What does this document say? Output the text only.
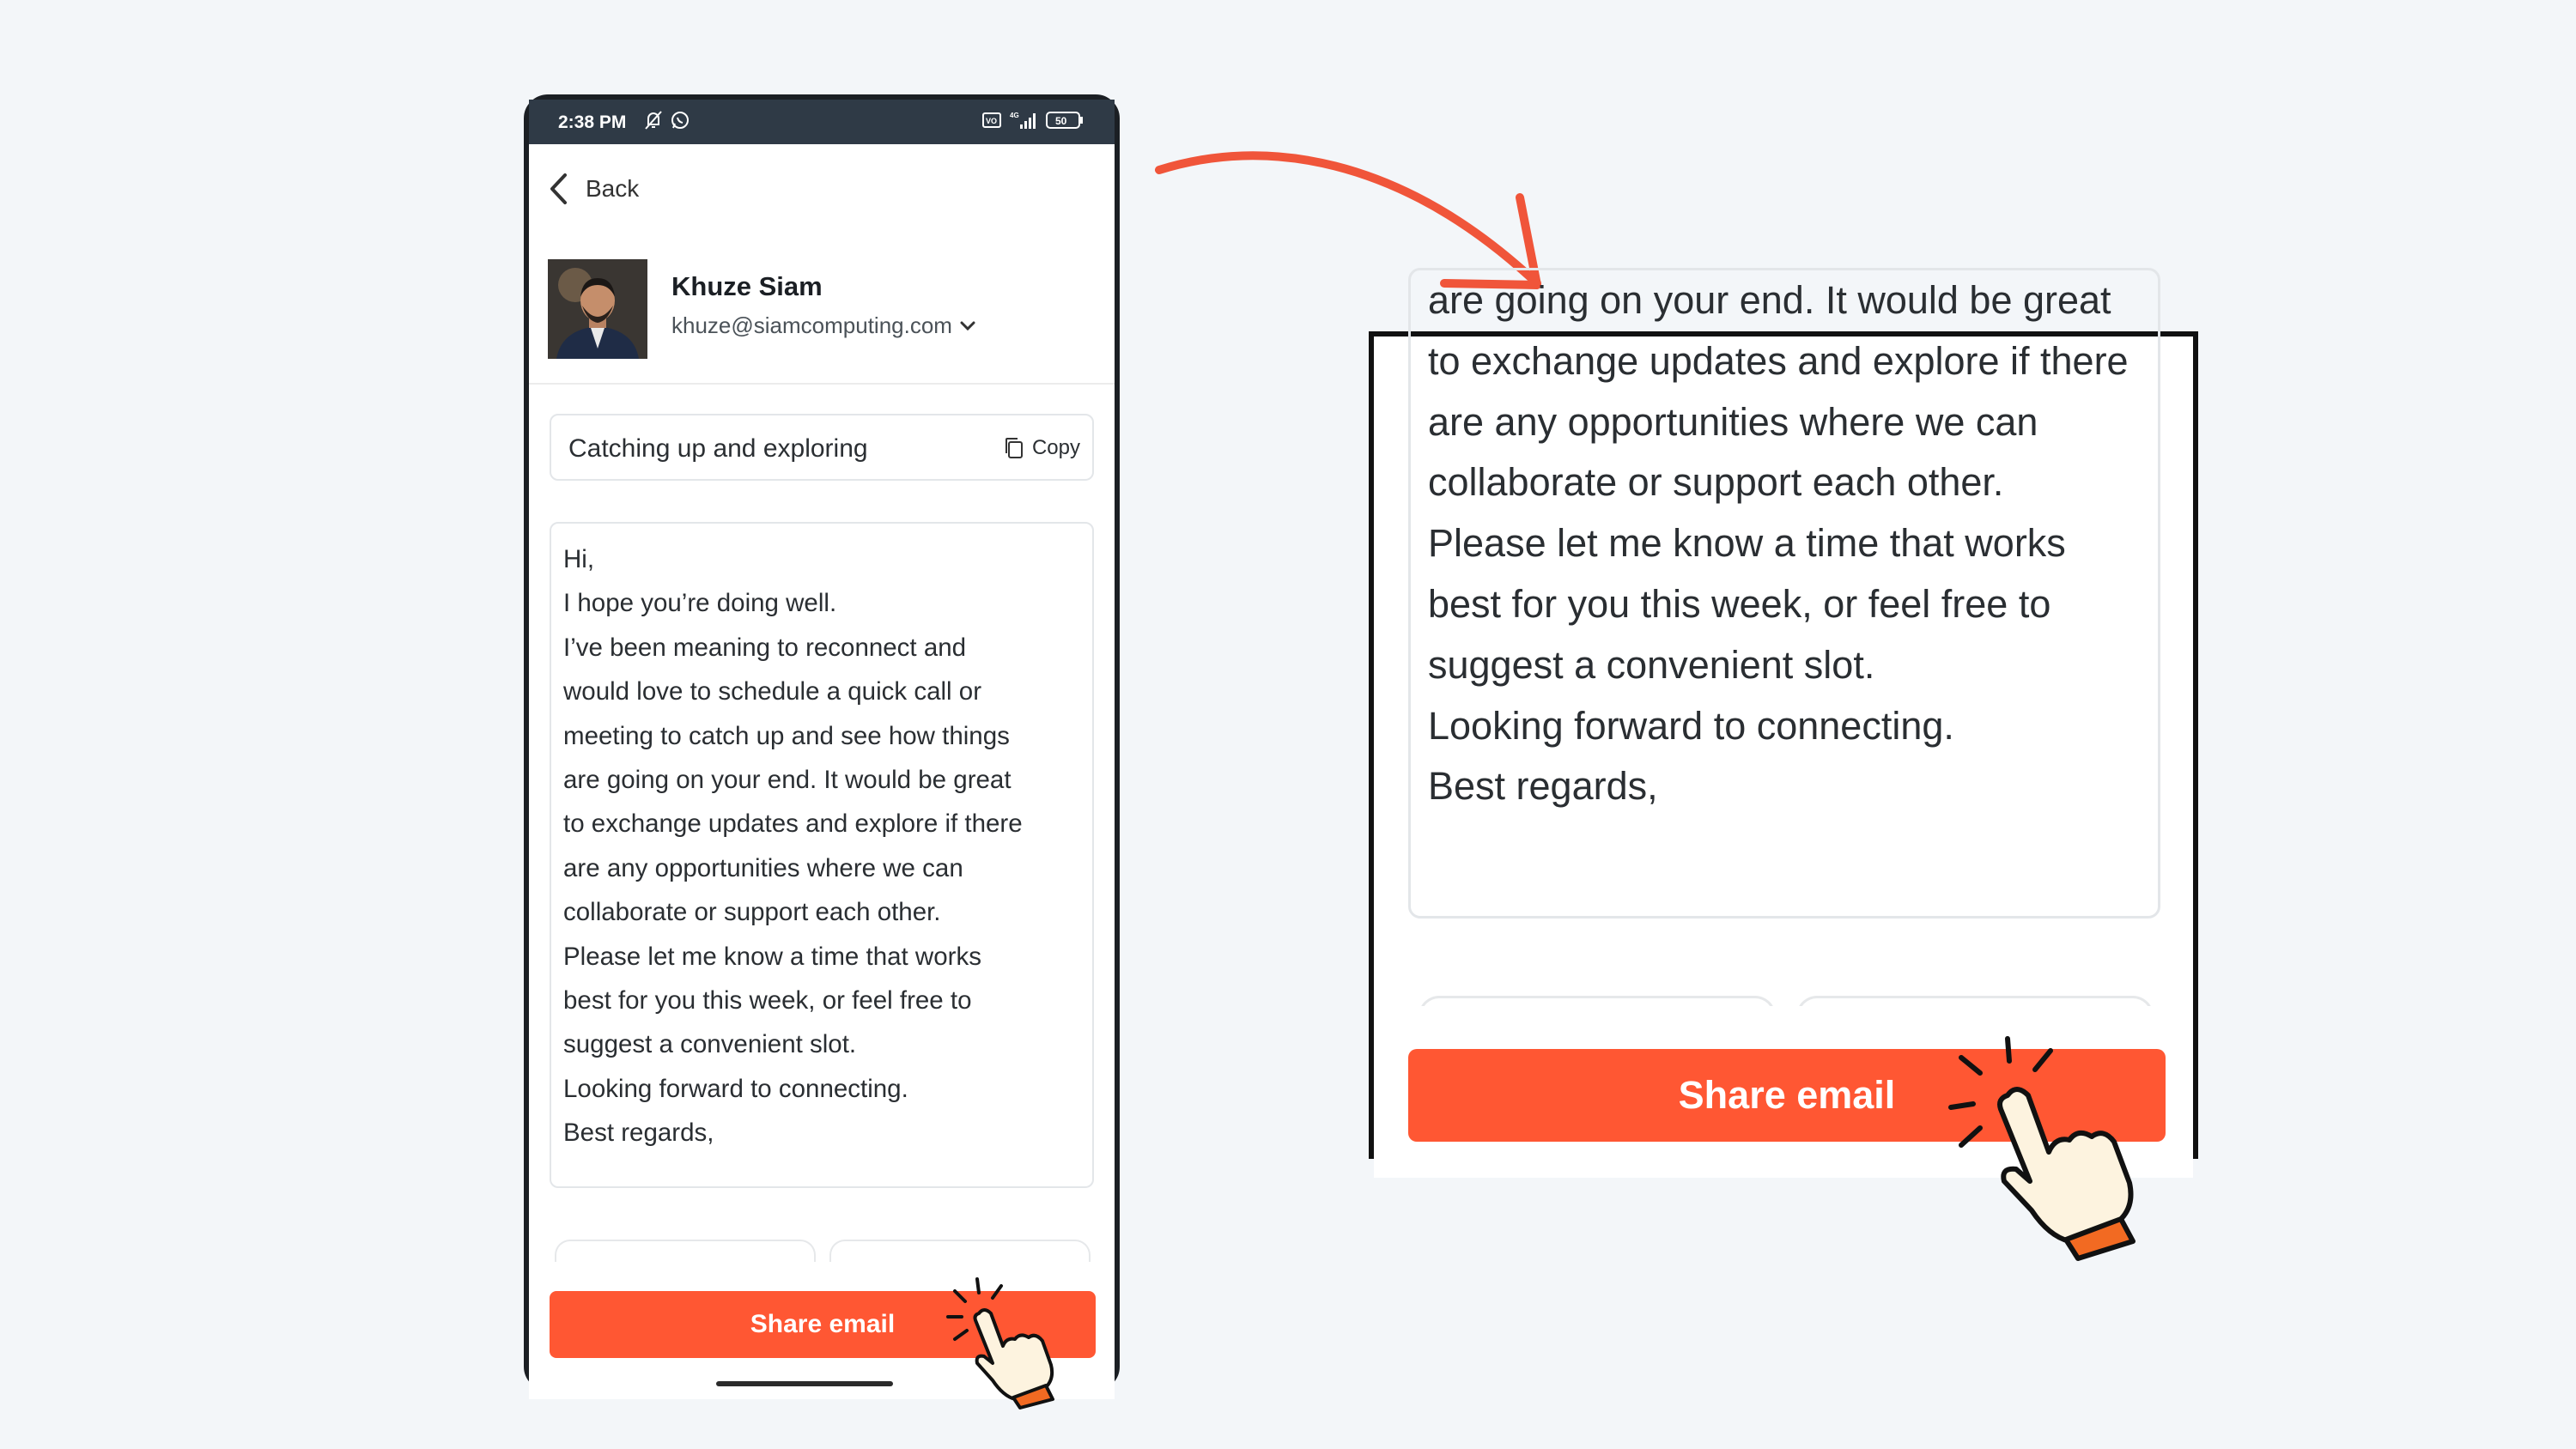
2:38 PM	VO
4G	50
Back
Khuze Siam
khuze@siamcomputing.com
Catching up and exploring	Copy
Hi,
I hope you’re doing well.
I’ve been meaning to reconnect and
would love to schedule a quick call or
meeting to catch up and see how things
are going on your end. It would be great
to exchange updates and explore if there
are any opportunities where we can
collaborate or support each other.
Please let me know a time that works
best for you this week, or feel free to
suggest a convenient slot.
Looking forward to connecting.
Best regards,
Share email
are going on your end. It would be great
to exchange updates and explore if there
are any opportunities where we can
collaborate or support each other.
Please let me know a time that works
best for you this week, or feel free to
suggest a convenient slot.
Looking forward to connecting.
Best regards,
Share email
